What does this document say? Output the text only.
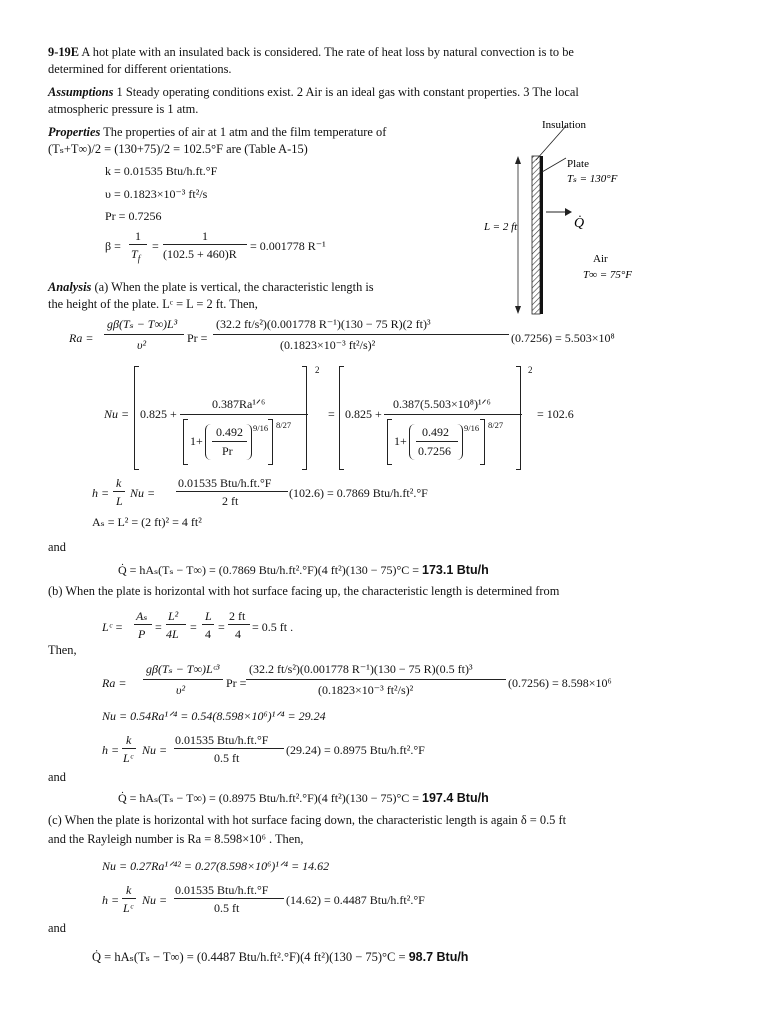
9-19E A hot plate with an insulated back is considered. The rate of heat loss by natural convection is to be
determined for different orientations.
Assumptions 1 Steady operating conditions exist. 2 Air is an ideal gas with constant properties. 3 The local
atmospheric pressure is 1 atm.
Properties The properties of air at 1 atm and the film temperature of
(Tₛ+T∞)/2 = (130+75)/2 = 102.5°F are (Table A-15)
k = 0.01535 Btu/h.ft.°F
υ = 0.1823×10⁻³ ft²/s
Pr = 0.7256
β =
1
$T_f$
=
1
(102.5 + 460)R
= 0.001778 R⁻¹
Insulation
Plate
Tₛ = 130°F
L = 2 ft	Q̇
Air
T∞ = 75°F
Analysis (a) When the plate is vertical, the characteristic length is
the height of the plate. Lᶜ = L = 2 ft. Then,
Ra =
gβ(Tₛ − T∞)L³
υ²	Pr =
(32.2 ft/s²)(0.001778 R⁻¹)(130 − 75 R)(2 ft)³
(0.1823×10⁻³ ft²/s)²	(0.7256) = 5.503×10⁸
Nu = 0.825 +
0.387Ra¹ᐟ⁶
1+
0.492
Pr
9/16 8/27
2
= 0.825 +
0.387(5.503×10⁸)¹ᐟ⁶
1+
0.492
0.7256
9/16 8/27
2
= 102.6
h =
k
L
Nu =
0.01535 Btu/h.ft.°F
2 ft
(102.6) = 0.7869 Btu/h.ft².°F
Aₛ = L² = (2 ft)² = 4 ft²
and
Q̇ = hAₛ(Tₛ − T∞) = (0.7869 Btu/h.ft².°F)(4 ft²)(130 − 75)°C = 173.1 Btu/h
(b) When the plate is horizontal with hot surface facing up, the characteristic length is determined from
Lᶜ =
Aₛ
P =
L²
4L =
L
4 =
2 ft
4 = 0.5 ft .
Then,
Ra =
gβ(Tₛ − T∞)Lᶜ³
υ²	Pr =
(32.2 ft/s²)(0.001778 R⁻¹)(130 − 75 R)(0.5 ft)³
(0.1823×10⁻³ ft²/s)²	(0.7256) = 8.598×10⁶
Nu = 0.54Ra¹ᐟ⁴ = 0.54(8.598×10⁶)¹ᐟ⁴ = 29.24
h =
k
Lᶜ
Nu =
0.01535 Btu/h.ft.°F
0.5 ft
(29.24) = 0.8975 Btu/h.ft².°F
and
Q̇ = hAₛ(Tₛ − T∞) = (0.8975 Btu/h.ft².°F)(4 ft²)(130 − 75)°C = 197.4 Btu/h
(c) When the plate is horizontal with hot surface facing down, the characteristic length is again δ = 0.5 ft
and the Rayleigh number is Ra = 8.598×10⁶ . Then,
Nu = 0.27Ra¹ᐟ⁴² = 0.27(8.598×10⁶)¹ᐟ⁴ = 14.62
h =
k
Lᶜ
Nu =
0.01535 Btu/h.ft.°F
0.5 ft
(14.62) = 0.4487 Btu/h.ft².°F
and
Q̇ = hAₛ(Tₛ − T∞) = (0.4487 Btu/h.ft².°F)(4 ft²)(130 − 75)°C = 98.7 Btu/h
